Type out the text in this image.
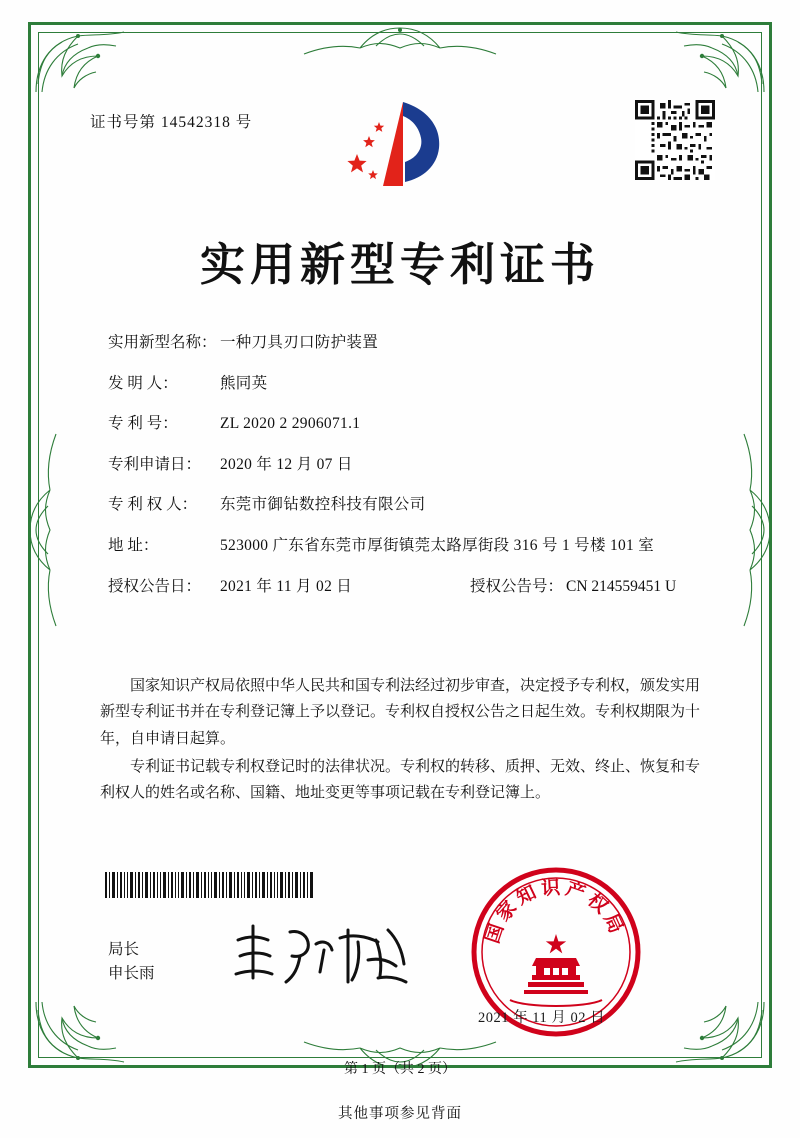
证书号第 14542318 号
实用新型专利证书
实用新型名称： 一种刀具刃口防护装置
发 明 人：	熊同英
专 利 号：	ZL 2020 2 2906071.1
专利申请日：	2020 年 12 月 07 日
专 利 权 人：	东莞市御钻数控科技有限公司
地 址：	523000 广东省东莞市厚街镇莞太路厚街段 316 号 1 号楼 101 室
授权公告日：	2021 年 11 月 02 日	授权公告号： CN 214559451 U

国家知识产权局依照中华人民共和国专利法经过初步审查，决定授予专利权，颁发实用新型专利证书并在专利登记簿上予以登记。专利权自授权公告之日起生效。专利权期限为十年，自申请日起算。

专利证书记载专利权登记时的法律状况。专利权的转移、质押、无效、终止、恢复和专利权人的姓名或名称、国籍、地址变更等事项记载在专利登记簿上。

局长
申长雨
国家知识产权局
2021 年 11 月 02 日
第 1 页（共 2 页）
其他事项参见背面
